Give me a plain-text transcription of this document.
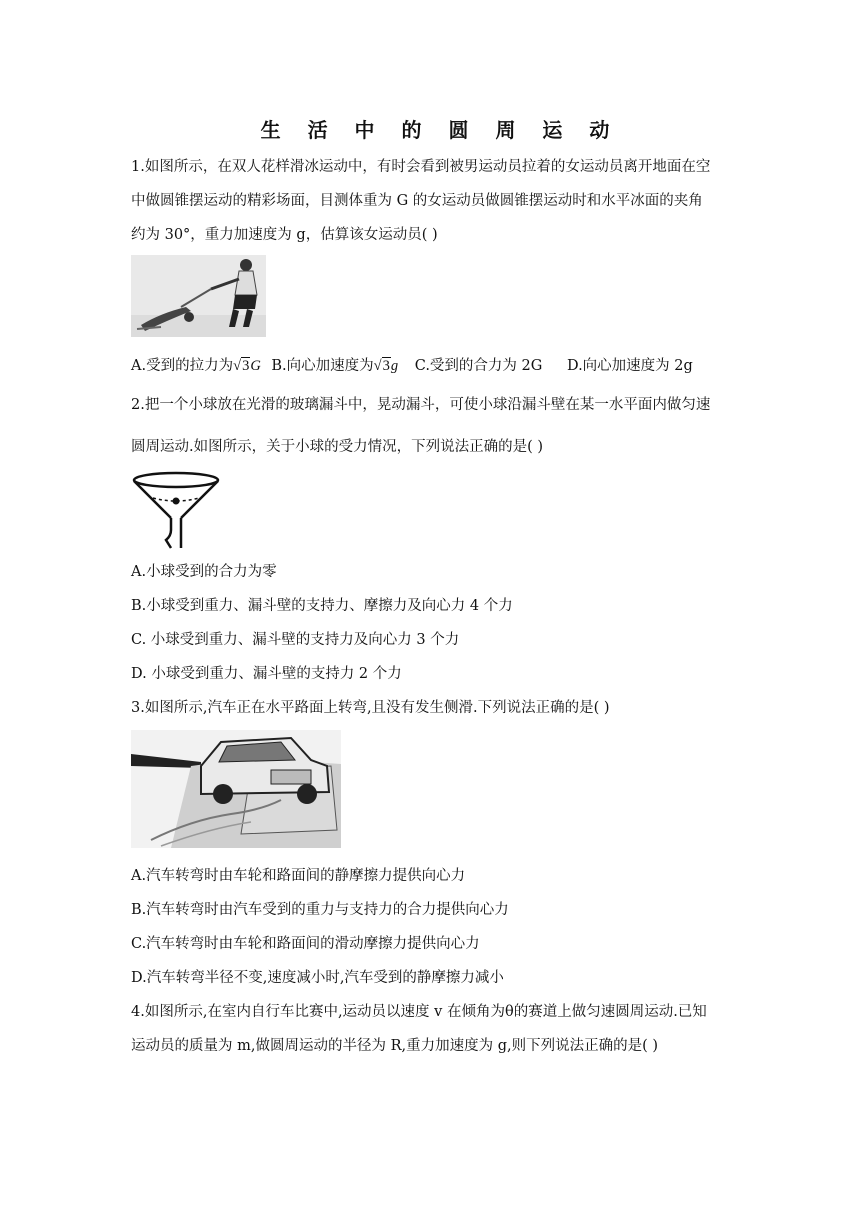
生 活 中 的 圆 周 运 动
1.如图所示，在双人花样滑冰运动中，有时会看到被男运动员拉着的女运动员离开地面在空
中做圆锥摆运动的精彩场面，目测体重为 G 的女运动员做圆锥摆运动时和水平冰面的夹角
约为 30°，重力加速度为 g，估算该女运动员( )
A.受到的拉力为√3G B.向心加速度为√3g C.受到的合力为 2G D.向心加速度为 2g
2.把一个小球放在光滑的玻璃漏斗中，晃动漏斗，可使小球沿漏斗壁在某一水平面内做匀速
圆周运动.如图所示，关于小球的受力情况，下列说法正确的是( )
A.小球受到的合力为零
B.小球受到重力、漏斗壁的支持力、摩擦力及向心力 4 个力
C. 小球受到重力、漏斗壁的支持力及向心力 3 个力
D. 小球受到重力、漏斗壁的支持力 2 个力
3.如图所示,汽车正在水平路面上转弯,且没有发生侧滑.下列说法正确的是( )
A.汽车转弯时由车轮和路面间的静摩擦力提供向心力
B.汽车转弯时由汽车受到的重力与支持力的合力提供向心力
C.汽车转弯时由车轮和路面间的滑动摩擦力提供向心力
D.汽车转弯半径不变,速度减小时,汽车受到的静摩擦力减小
4.如图所示,在室内自行车比赛中,运动员以速度 v 在倾角为θ的赛道上做匀速圆周运动.已知
运动员的质量为 m,做圆周运动的半径为 R,重力加速度为 g,则下列说法正确的是( )
